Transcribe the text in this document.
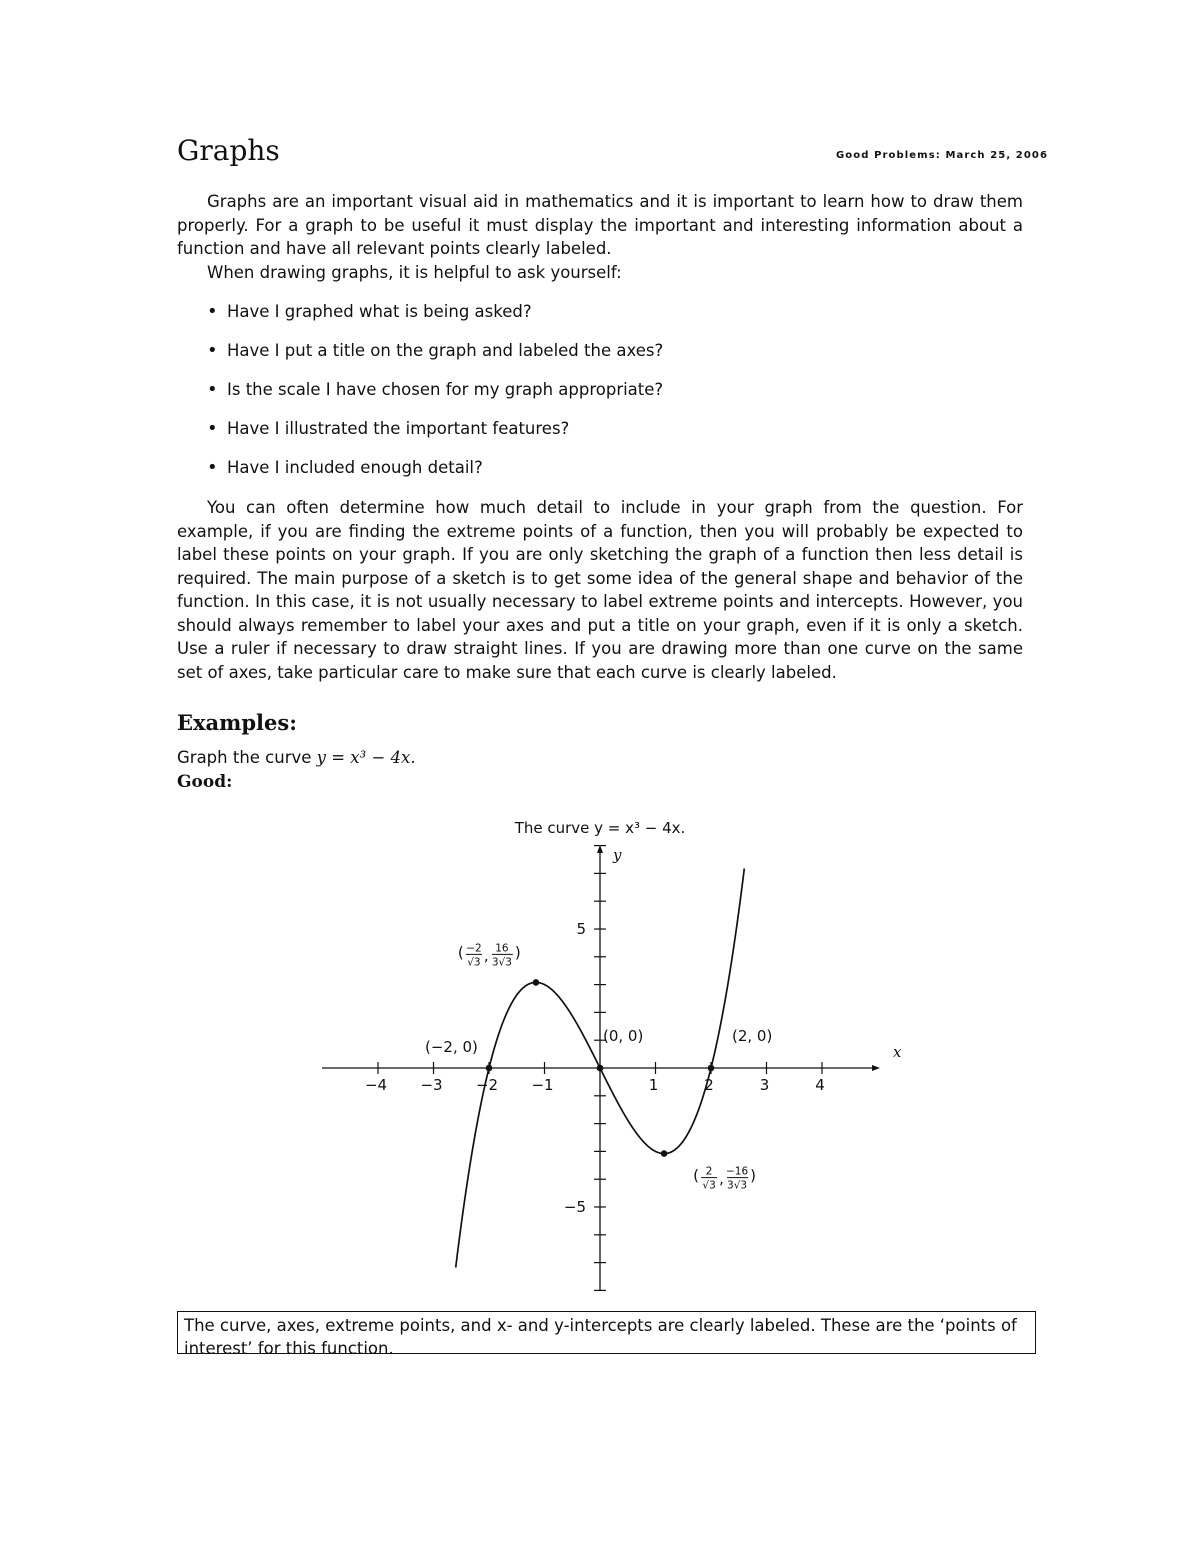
Graphs	Good Problems: March 25, 2006

Graphs are an important visual aid in mathematics and it is important to learn how to draw them properly. For a graph to be useful it must display the important and interesting information about a function and have all relevant points clearly labeled.

When drawing graphs, it is helpful to ask yourself:

• Have I graphed what is being asked?
• Have I put a title on the graph and labeled the axes?
• Is the scale I have chosen for my graph appropriate?
• Have I illustrated the important features?
• Have I included enough detail?

You can often determine how much detail to include in your graph from the question. For example, if you are finding the extreme points of a function, then you will probably be expected to label these points on your graph. If you are only sketching the graph of a function then less detail is required. The main purpose of a sketch is to get some idea of the general shape and behavior of the function. In this case, it is not usually necessary to label extreme points and intercepts. However, you should always remember to label your axes and put a title on your graph, even if it is only a sketch. Use a ruler if necessary to draw straight lines. If you are drawing more than one curve on the same set of axes, take particular care to make sure that each curve is clearly labeled.

Examples:
Graph the curve y = x³ − 4x.
Good:
The curve y = x³ − 4x.
−4 −3 −2 −1	1	2	3	4
5
−5
(−2, 0)
(0, 0)	(2, 0)
( −2
√3 , 16
3√3
)
( 2
√3 , −16
3√3
)
x
y
The curve, axes, extreme points, and x- and y-intercepts are clearly labeled. These are the ‘points of interest’ for this function.
